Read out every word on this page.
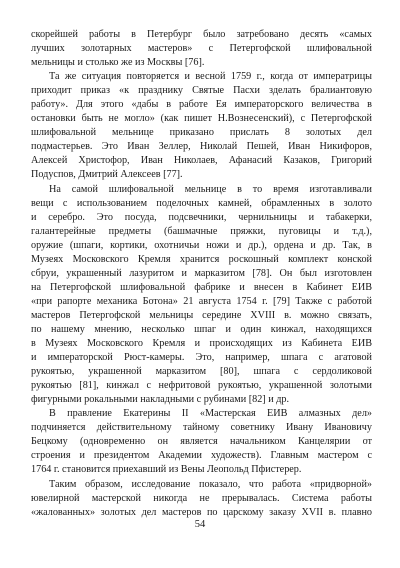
скорейшей работы в Петербург было затребовано десять «самых
лучших золотарных мастеров» с Петергофской шлифовальной
мельницы и столько же из Москвы [76].

Та же ситуация повторяется и весной 1759 г., когда от императрицы
приходит приказ «к празднику Святые Пасхи зделать бралиантовую
работу». Для этого «дабы в работе Ея императорского величества в
остановки быть не могло» (как пишет Н.Вознесенский), с Петергофской
шлифовальной мельнице приказано прислать 8 золотых дел
подмастерьев. Это Иван Зеллер, Николай Пешей, Иван Никифоров,
Алексей Христофор, Иван Николаев, Афанасий Казаков, Григорий
Подуспов, Дмитрий Алексеев [77].

На самой шлифовальной мельнице в то время изготавливали
вещи с использованием поделочных камней, обрамленных в золото
и серебро. Это посуда, подсвечники, чернильницы и табакерки,
галантерейные предметы (башмачные пряжки, пуговицы и т.д.),
оружие (шпаги, кортики, охотничьи ножи и др.), ордена и др. Так, в
Музеях Московского Кремля хранится роскошный комплект конской
сбруи, украшенный лазуритом и марказитом [78]. Он был изготовлен
на Петергофской шлифовальной фабрике и внесен в Кабинет ЕИВ
«при рапорте механика Ботона» 21 августа 1754 г. [79] Также с работой
мастеров Петергофской мельницы середине XVIII в. можно связать,
по нашему мнению, несколько шпаг и один кинжал, находящихся
в Музеях Московского Кремля и происходящих из Кабинета ЕИВ
и императорской Рюст-камеры. Это, например, шпага с агатовой
рукоятью, украшенной марказитом [80], шпага с сердоликовой
рукоятью [81], кинжал с нефритовой рукоятью, украшенной золотыми
фигурными рокальными накладными с рубинами [82] и др.

В правление Екатерины II «Мастерская ЕИВ алмазных дел»
подчиняется действительному тайному советнику Ивану Ивановичу
Бецкому (одновременно он является начальником Канцелярии от
строения и президентом Академии художеств). Главным мастером с
1764 г. становится приехавший из Вены Леопольд Пфистерер.

Таким образом, исследование показало, что работа «придворной»
ювелирной мастерской никогда не прерывалась. Система работы
«жалованных» золотых дел мастеров по царскому заказу XVII в. плавно

54
